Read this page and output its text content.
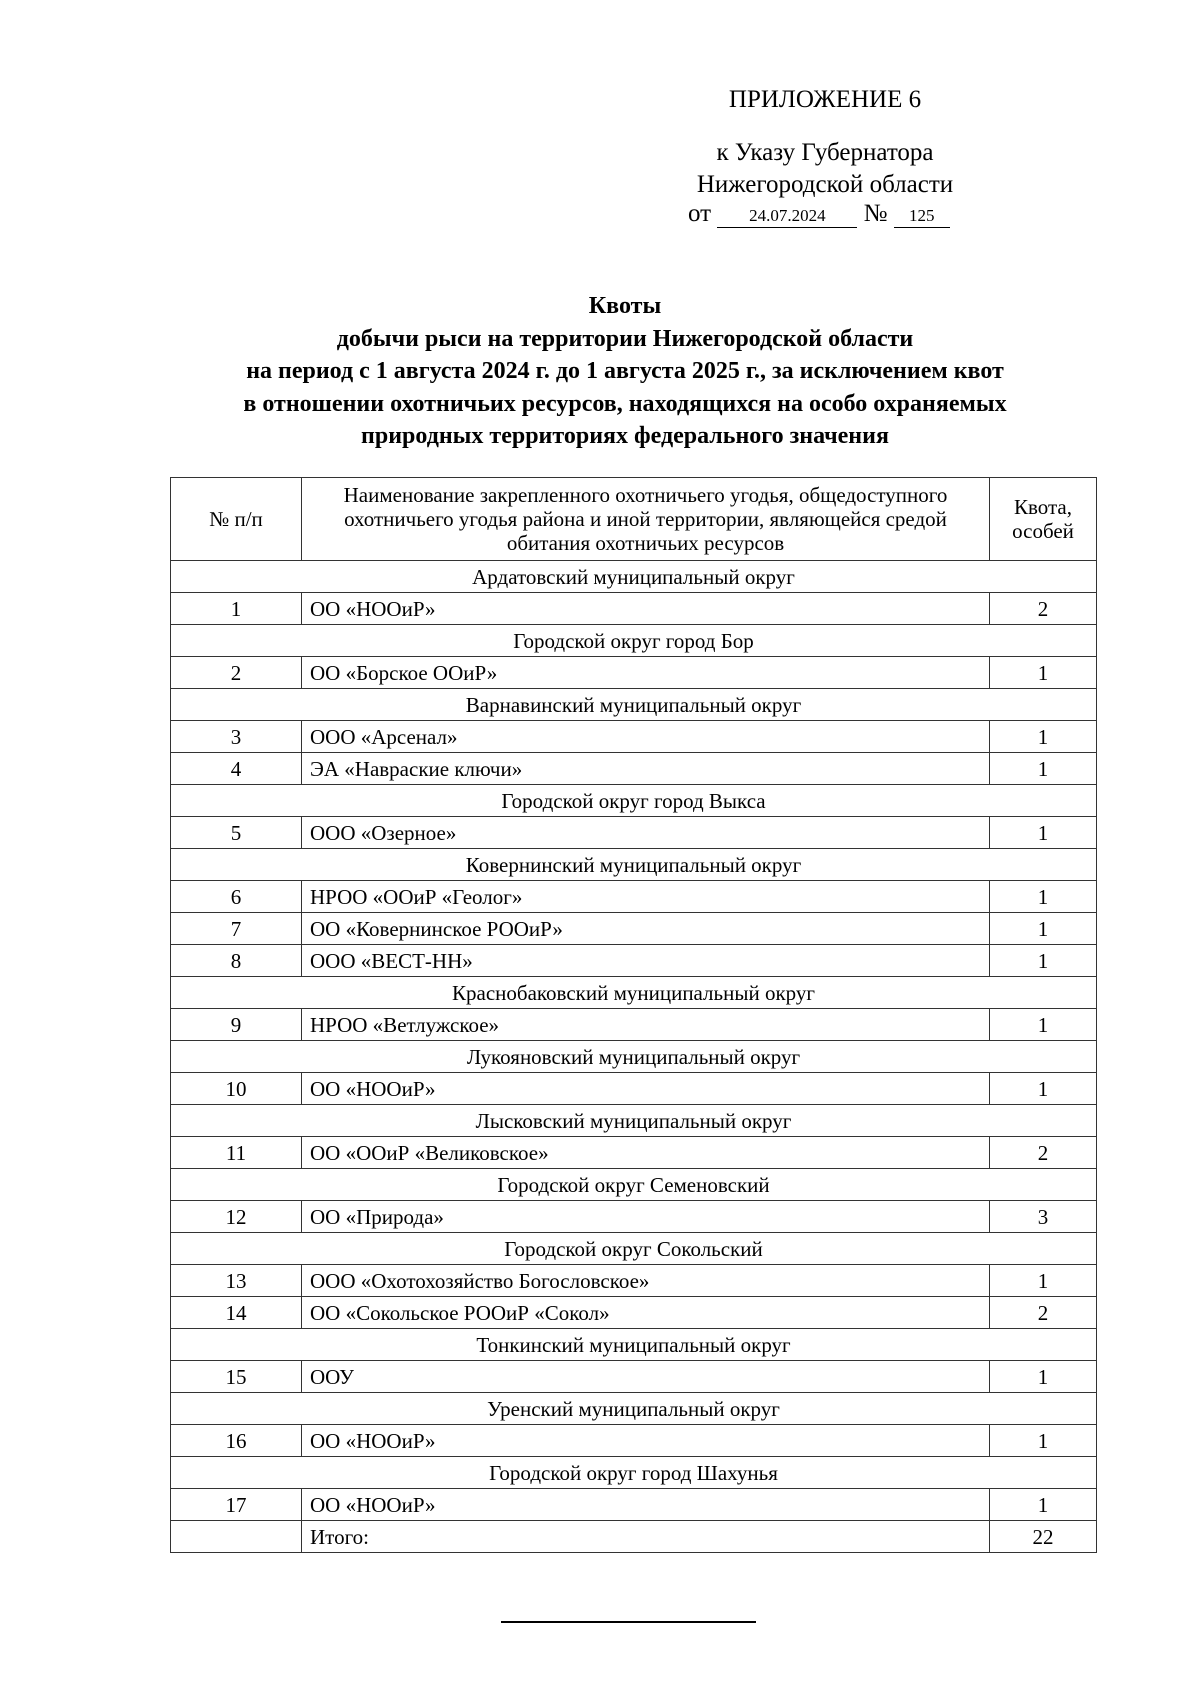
ПРИЛОЖЕНИЕ 6
к Указу Губернатора
Нижегородской области
от 24.07.2024 № 125
Квоты
добычи рыси на территории Нижегородской области
на период с 1 августа 2024 г. до 1 августа 2025 г., за исключением квот
в отношении охотничьих ресурсов, находящихся на особо охраняемых
природных территориях федерального значения
№ п/п	Наименование закрепленного охотничьего угодья, общедоступного охотничьего угодья района и иной территории, являющейся средой обитания охотничьих ресурсов	Квота, особей
Ардатовский муниципальный округ		
1	ОО «НООиР»	2
Городской округ город Бор		
2	ОО «Борское ООиР»	1
Варнавинский муниципальный округ		
3	ООО «Арсенал»	1
4	ЭА «Навраские ключи»	1
Городской округ город Выкса		
5	ООО «Озерное»	1
Ковернинский муниципальный округ		
6	НРОО «ООиР «Геолог»	1
7	ОО «Ковернинское РООиР»	1
8	ООО «ВЕСТ-НН»	1
Краснобаковский муниципальный округ		
9	НРОО «Ветлужское»	1
Лукояновский муниципальный округ		
10	ОО «НООиР»	1
Лысковский муниципальный округ		
11	ОО «ООиР «Великовское»	2
Городской округ Семеновский		
12	ОО «Природа»	3
Городской округ Сокольский		
13	ООО «Охотохозяйство Богословское»	1
14	ОО «Сокольское РООиР «Сокол»	2
Тонкинский муниципальный округ		
15	ООУ	1
Уренский муниципальный округ		
16	ОО «НООиР»	1
Городской округ город Шахунья		
17	ОО «НООиР»	1
	Итого:	22
